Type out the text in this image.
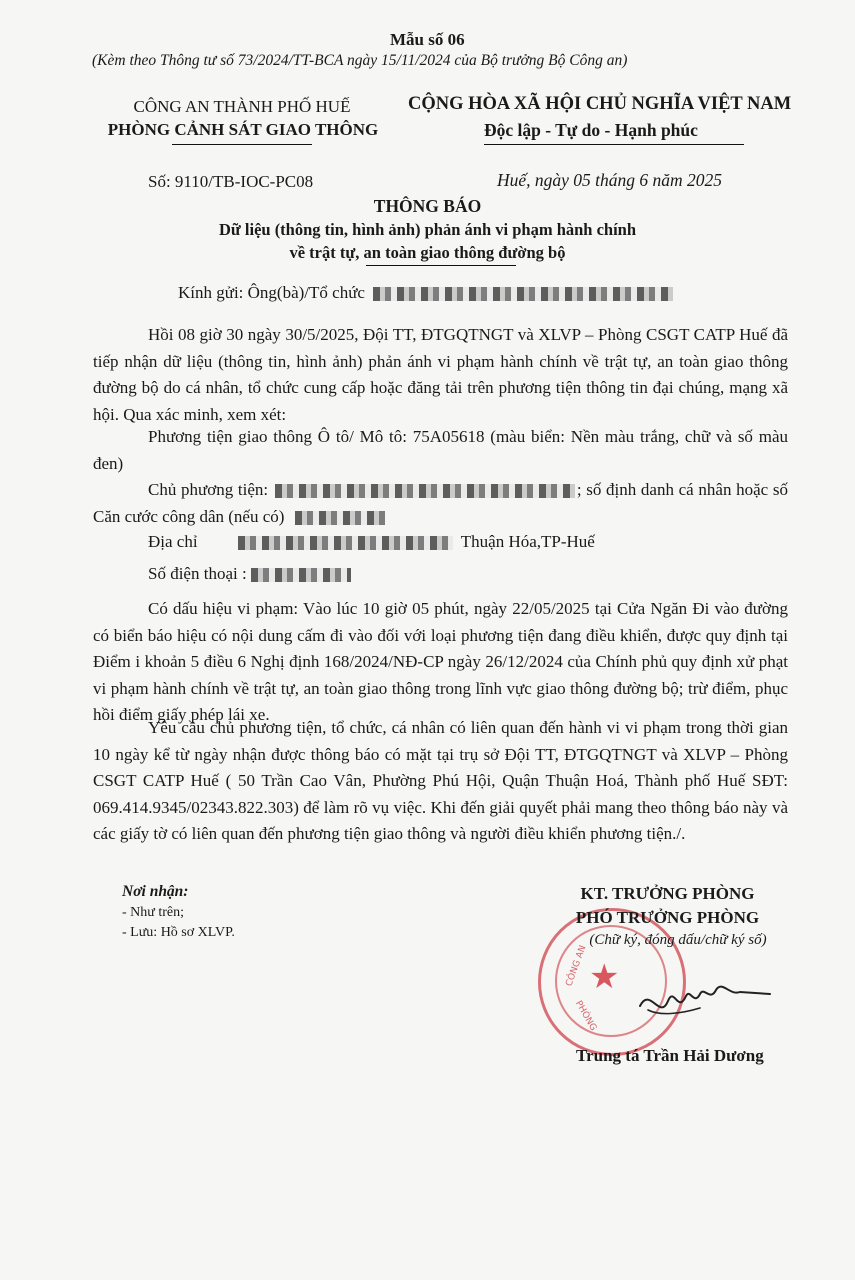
Mẫu số 06
(Kèm theo Thông tư số 73/2024/TT-BCA ngày 15/11/2024 của Bộ trưởng Bộ Công an)
CÔNG AN THÀNH PHỐ HUẾ
PHÒNG CẢNH SÁT GIAO THÔNG
CỘNG HÒA XÃ HỘI CHỦ NGHĨA VIỆT NAM
Độc lập - Tự do - Hạnh phúc
Số: 9110/TB-IOC-PC08	Huế, ngày 05 tháng 6 năm 2025
THÔNG BÁO
Dữ liệu (thông tin, hình ảnh) phản ánh vi phạm hành chính
về trật tự, an toàn giao thông đường bộ
Kính gửi: Ông(bà)/Tổ chức
Hồi 08 giờ 30 ngày 30/5/2025, Đội TT, ĐTGQTNGT và XLVP – Phòng CSGT CATP Huế đã tiếp nhận dữ liệu (thông tin, hình ảnh) phản ánh vi phạm hành chính về trật tự, an toàn giao thông đường bộ do cá nhân, tổ chức cung cấp hoặc đăng tải trên phương tiện thông tin đại chúng, mạng xã hội. Qua xác minh, xem xét:
Phương tiện giao thông Ô tô/ Mô tô: 75A05618 (màu biển: Nền màu trắng, chữ và số màu đen)
Chủ phương tiện:	; số định danh cá nhân hoặc số Căn cước công dân (nếu có)
Địa chỉ	Thuận Hóa,TP-Huế
Số điện thoại :
Có dấu hiệu vi phạm: Vào lúc 10 giờ 05 phút, ngày 22/05/2025 tại Cửa Ngăn Đi vào đường có biển báo hiệu có nội dung cấm đi vào đối với loại phương tiện đang điều khiển, được quy định tại Điểm i khoản 5 điều 6 Nghị định 168/2024/NĐ-CP ngày 26/12/2024 của Chính phủ quy định xử phạt vi phạm hành chính về trật tự, an toàn giao thông trong lĩnh vực giao thông đường bộ; trừ điểm, phục hồi điểm giấy phép lái xe.
Yêu cầu chủ phương tiện, tổ chức, cá nhân có liên quan đến hành vi vi phạm trong thời gian 10 ngày kể từ ngày nhận được thông báo có mặt tại trụ sở Đội TT, ĐTGQTNGT và XLVP – Phòng CSGT CATP Huế ( 50 Trần Cao Vân, Phường Phú Hội, Quận Thuận Hoá, Thành phố Huế SĐT: 069.414.9345/02343.822.303) để làm rõ vụ việc. Khi đến giải quyết phải mang theo thông báo này và các giấy tờ có liên quan đến phương tiện giao thông và người điều khiển phương tiện./.
Nơi nhận:
- Như trên;
- Lưu: Hồ sơ XLVP.
★
CÔNG AN
PHÒNG
KT. TRƯỞNG PHÒNG
PHÓ TRƯỞNG PHÒNG
(Chữ ký, đóng dấu/chữ ký số)
Trung tá Trần Hải Dương
